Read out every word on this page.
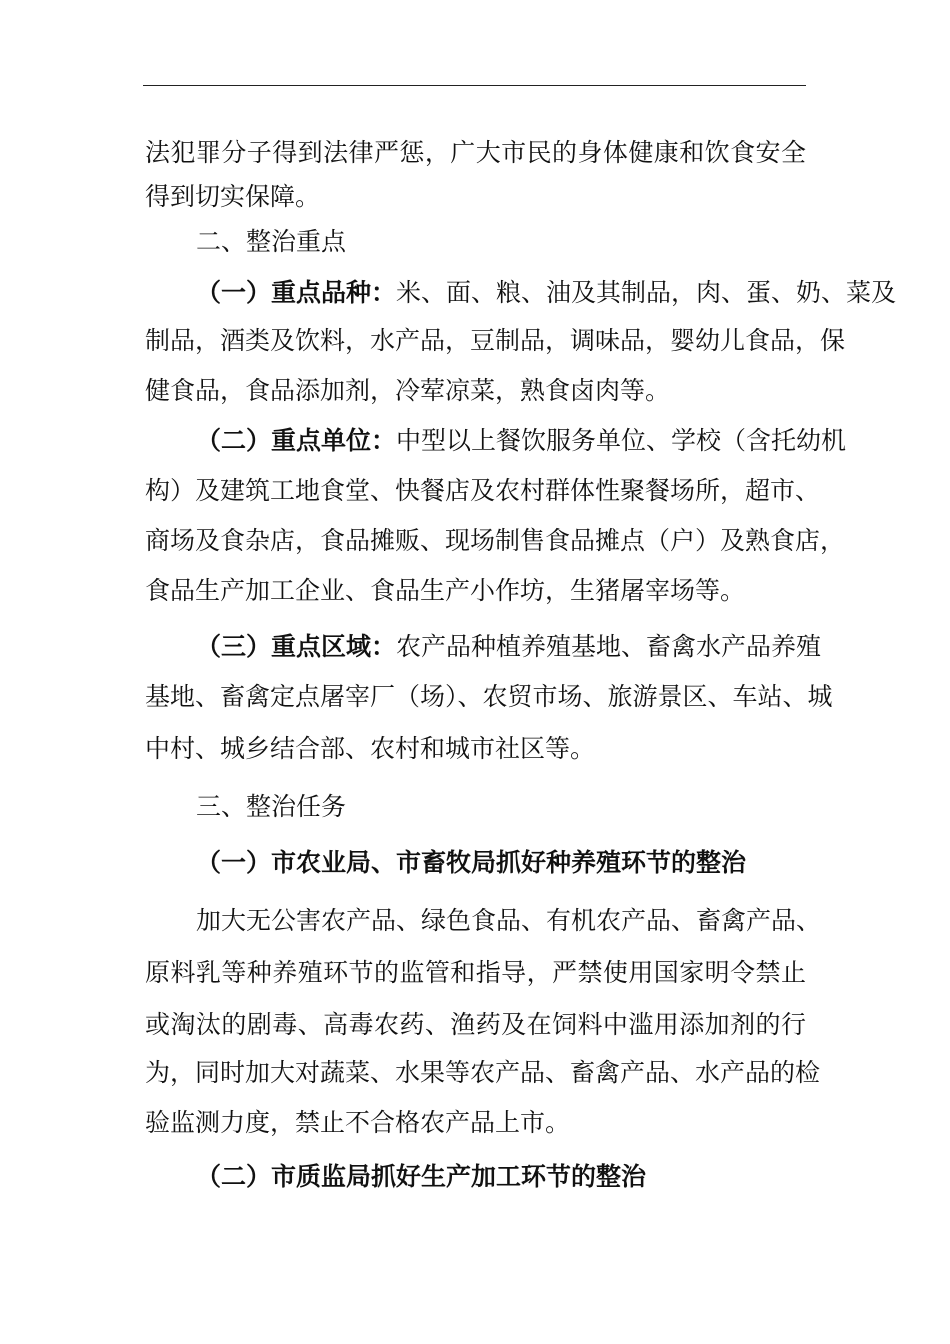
法犯罪分子得到法律严惩，广大市民的身体健康和饮食安全
得到切实保障。
二、整治重点
（一）重点品种：米、面、粮、油及其制品，肉、蛋、奶、菜及
制品，酒类及饮料，水产品，豆制品，调味品，婴幼儿食品，保
健食品，食品添加剂，冷荤凉菜，熟食卤肉等。
（二）重点单位：中型以上餐饮服务单位、学校（含托幼机
构）及建筑工地食堂、快餐店及农村群体性聚餐场所，超市、
商场及食杂店，食品摊贩、现场制售食品摊点（户）及熟食店，
食品生产加工企业、食品生产小作坊，生猪屠宰场等。
（三）重点区域：农产品种植养殖基地、畜禽水产品养殖
基地、畜禽定点屠宰厂（场）、农贸市场、旅游景区、车站、城
中村、城乡结合部、农村和城市社区等。
三、整治任务
（一）市农业局、市畜牧局抓好种养殖环节的整治
加大无公害农产品、绿色食品、有机农产品、畜禽产品、
原料乳等种养殖环节的监管和指导，严禁使用国家明令禁止
或淘汰的剧毒、高毒农药、渔药及在饲料中滥用添加剂的行
为，同时加大对蔬菜、水果等农产品、畜禽产品、水产品的检
验监测力度，禁止不合格农产品上市。
（二）市质监局抓好生产加工环节的整治
